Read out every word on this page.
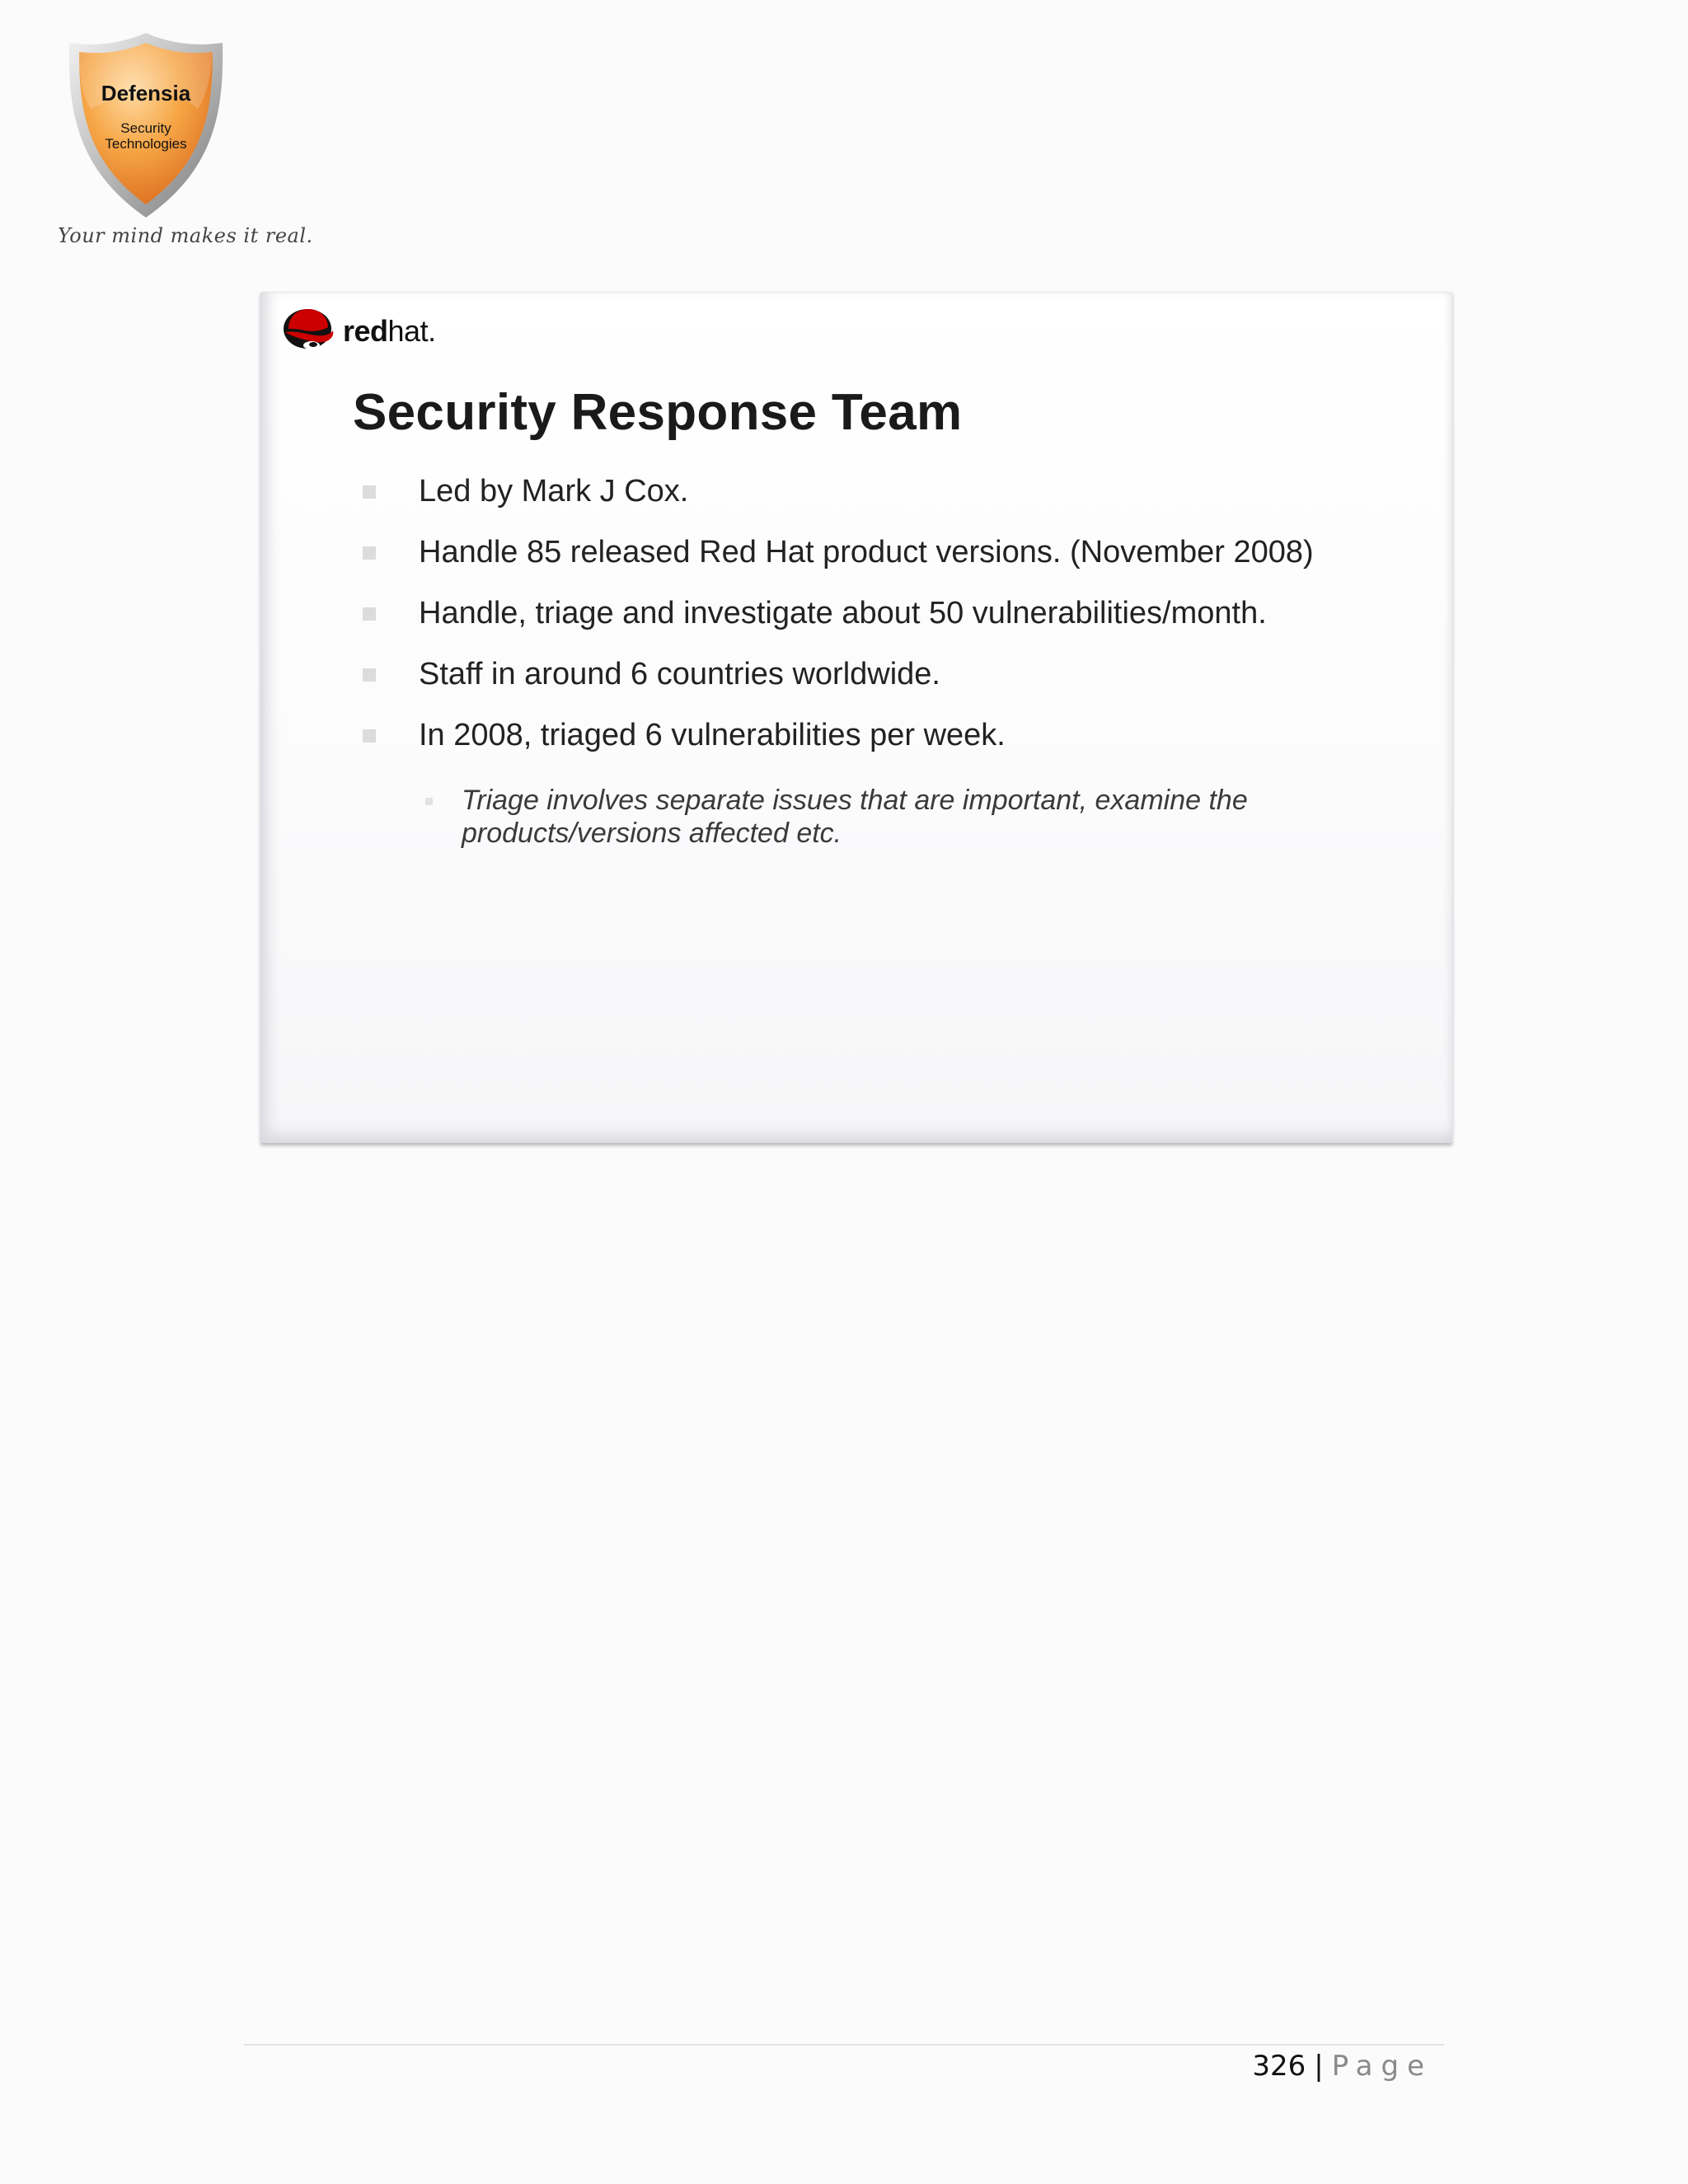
Defensia
Security
Technologies
Your mind makes it real.
redhat.
Security Response Team
Led by Mark J Cox.
Handle 85 released Red Hat product versions. (November 2008)
Handle, triage and investigate about 50 vulnerabilities/month.
Staff in around 6 countries worldwide.
In 2008, triaged 6 vulnerabilities per week.
Triage involves separate issues that are important, examine the products/versions affected etc.
326 | Page
